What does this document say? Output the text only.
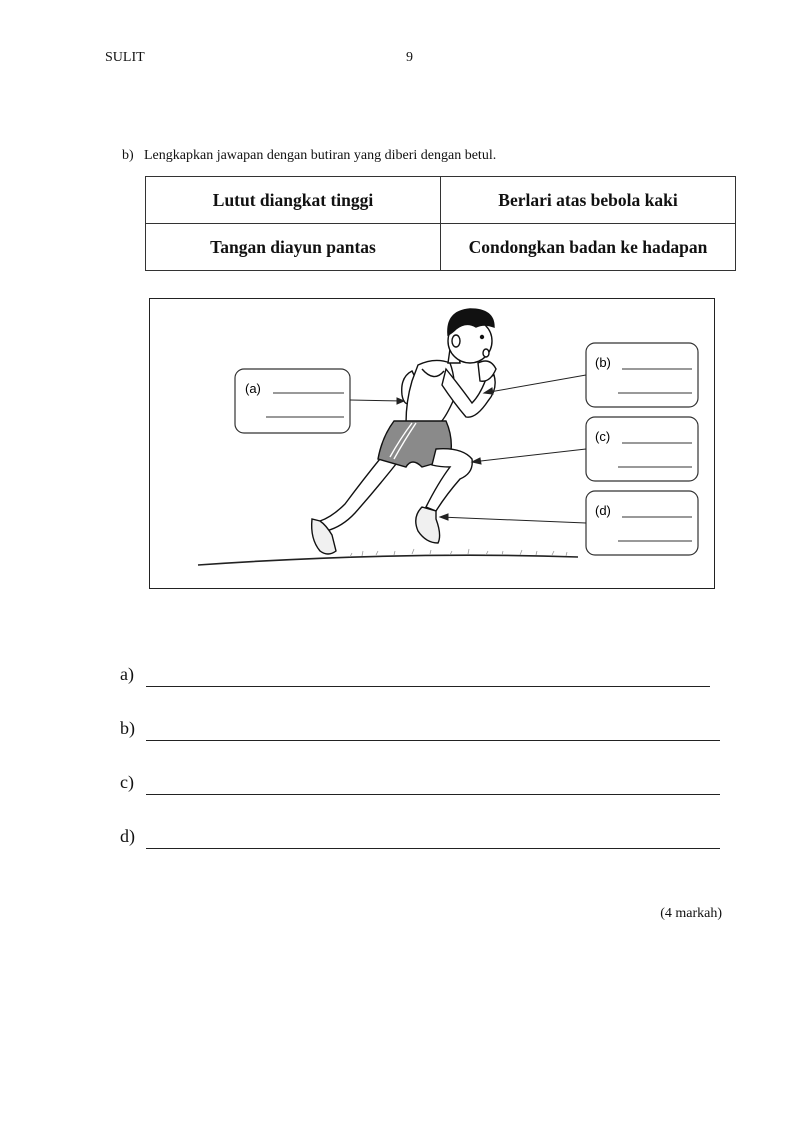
SULIT	9
b) Lengkapkan jawapan dengan butiran yang diberi dengan betul.
Lutut diangkat tinggi	Berlari atas bebola kaki
Tangan diayun pantas	Condongkan badan ke hadapan
(a)
(b)
(c)
(d)
a)
b)
c)
d)
(4 markah)
